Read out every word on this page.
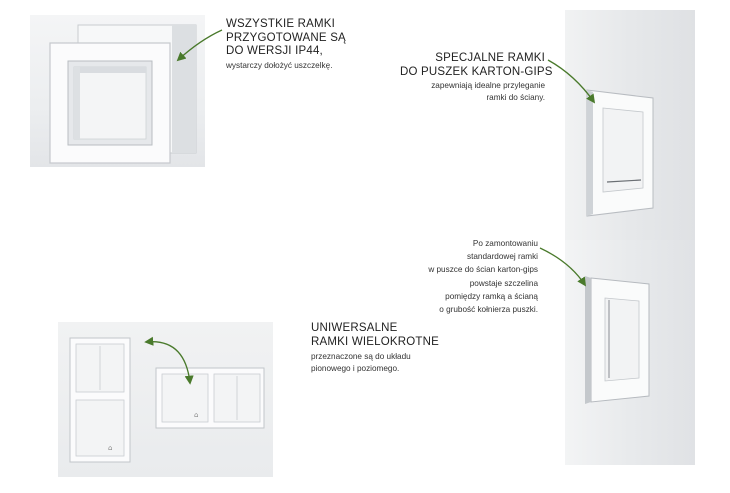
⌂
⌂
WSZYSTKIE RAMKI
PRZYGOTOWANE SĄ
DO WERSJI IP44,
wystarczy dołożyć uszczelkę.
SPECJALNE RAMKI
DO PUSZEK KARTON-GIPS
zapewniają idealne przyleganie
ramki do ściany.
Po zamontowaniu
standardowej ramki
w puszce do ścian karton-gips
powstaje szczelina
pomiędzy ramką a ścianą
o grubość kołnierza puszki.
UNIWERSALNE
RAMKI WIELOKROTNE
przeznaczone są do układu
pionowego i poziomego.
